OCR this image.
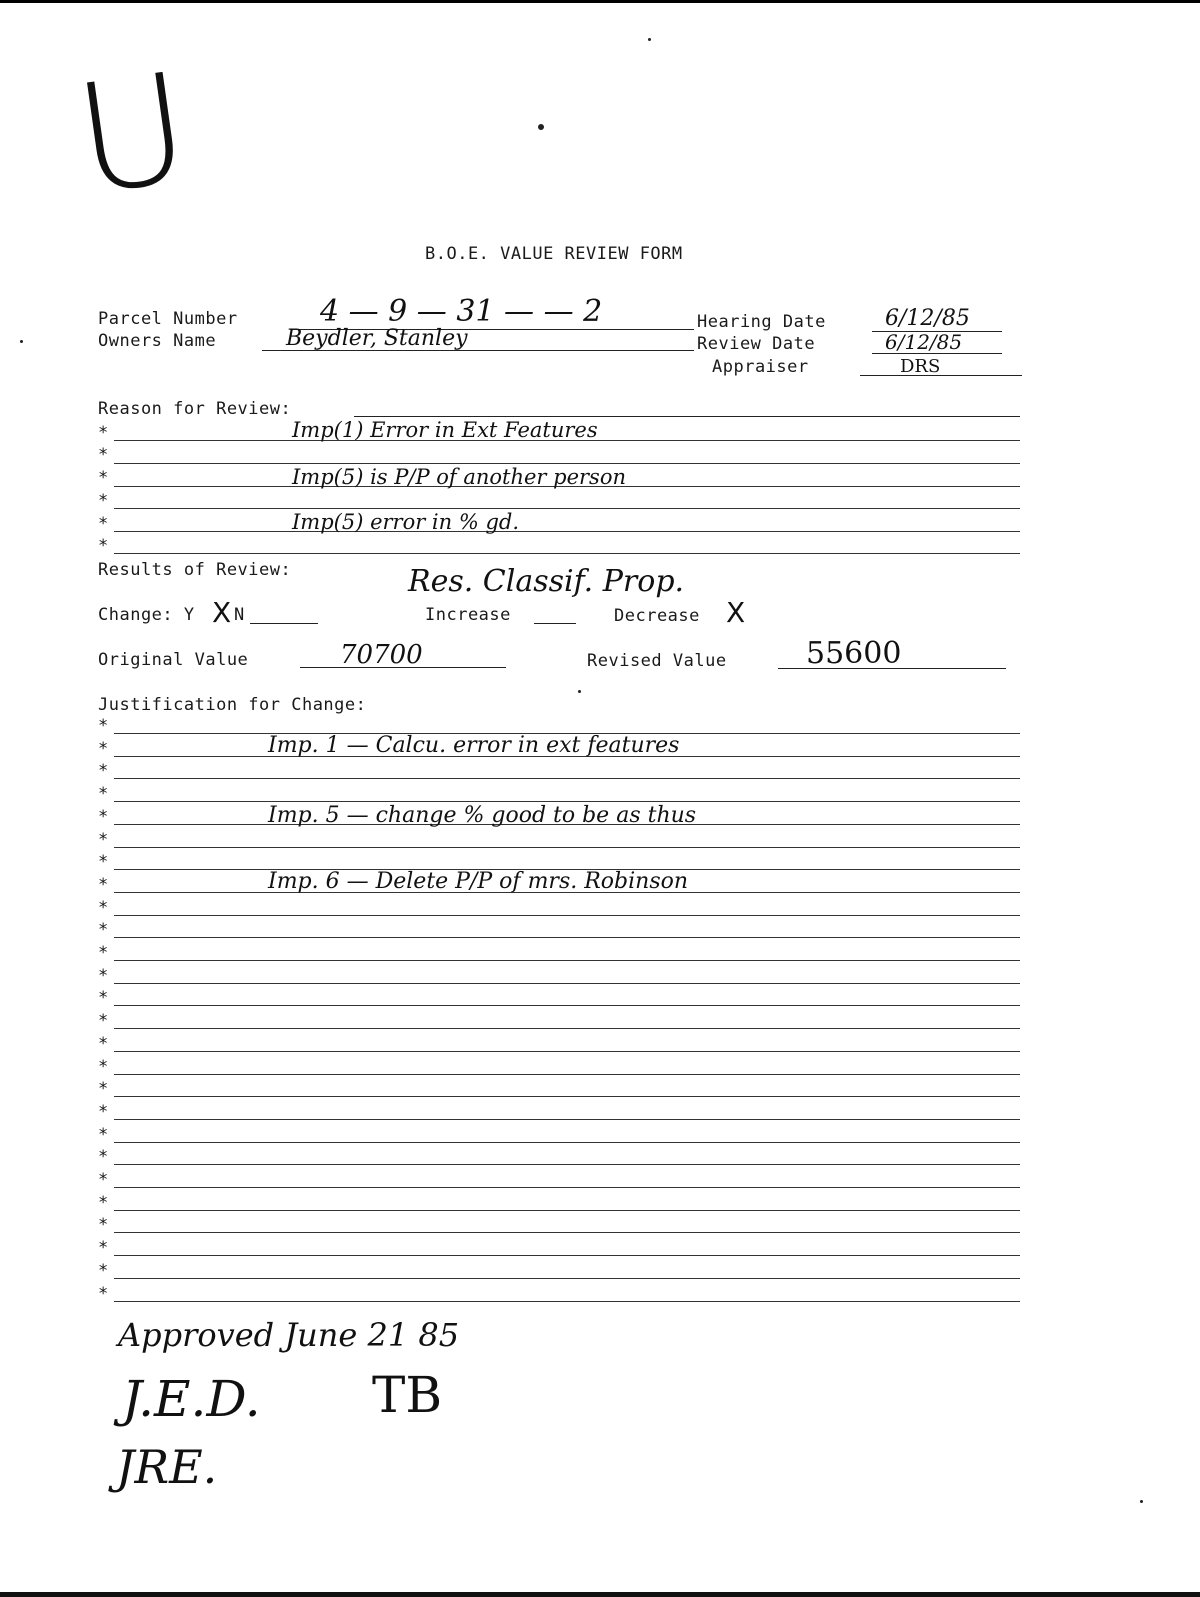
U
B.O.E. VALUE REVIEW FORM
Parcel Number	4 — 9 — 31 — — 2
Owners Name	Beydler, Stanley
Hearing Date	6/12/85
Review Date	6/12/85
Appraiser	DRS
Reason for Review:
*	Imp(1) Error in Ext Features
*
*	Imp(5) is P/P of another person
*
*	Imp(5) error in % gd.
*
Results of Review:	Res. Classif. Prop.
Change: Y X N	Increase	Decrease X
Original Value	70700	Revised Value	55600
Justification for Change:
*
*
*
*
*
*
*
*
*
*
*
*
*
*
*
*
*
*
*
*
*
*
*
*
*
*
Imp. 1 — Calcu. error in ext features
Imp. 5 — change % good to be as thus
Imp. 6 — Delete P/P of mrs. Robinson
Approved June 21 85
J.E.D. TB
JRE.
